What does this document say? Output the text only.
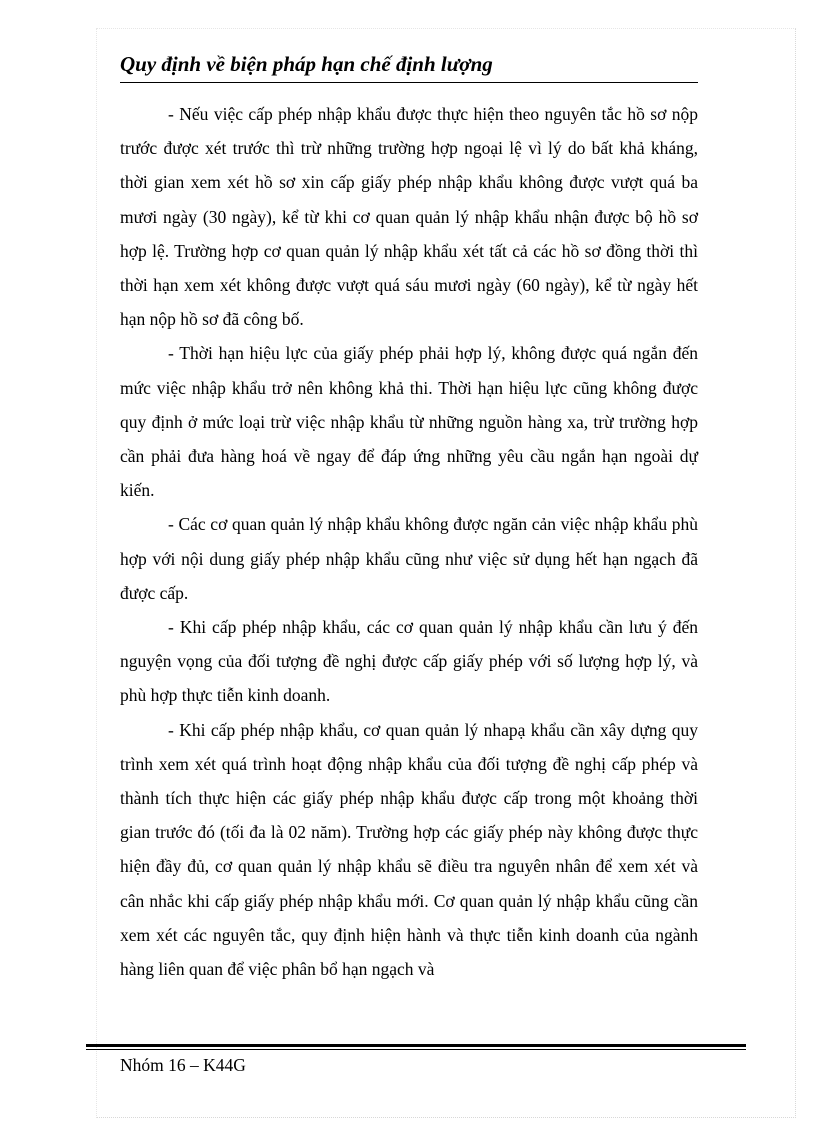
Quy định về biện pháp hạn chế định lượng

- Nếu việc cấp phép nhập khẩu được thực hiện theo nguyên tắc hồ sơ nộp trước được xét trước thì trừ những trường hợp ngoại lệ vì lý do bất khả kháng, thời gian xem xét hồ sơ xin cấp giấy phép nhập khẩu không được vượt quá ba mươi ngày (30 ngày), kể từ khi cơ quan quản lý nhập khẩu nhận được bộ hồ sơ hợp lệ. Trường hợp cơ quan quản lý nhập khẩu xét tất cả các hồ sơ đồng thời thì thời hạn xem xét không được vượt quá sáu mươi ngày (60 ngày), kể từ ngày hết hạn nộp hồ sơ đã công bố.

- Thời hạn hiệu lực của giấy phép phải hợp lý, không được quá ngắn đến mức việc nhập khẩu trở nên không khả thi. Thời hạn hiệu lực cũng không được quy định ở mức loại trừ việc nhập khẩu từ những nguồn hàng xa, trừ trường hợp cần phải đưa hàng hoá về ngay để đáp ứng những yêu cầu ngắn hạn ngoài dự kiến.

- Các cơ quan quản lý nhập khẩu không được ngăn cản việc nhập khẩu phù hợp với nội dung giấy phép nhập khẩu cũng như việc sử dụng hết hạn ngạch đã được cấp.

- Khi cấp phép nhập khẩu, các cơ quan quản lý nhập khẩu cần lưu ý đến nguyện vọng của đối tượng đề nghị được cấp giấy phép với số lượng hợp lý, và phù hợp thực tiễn kinh doanh.

- Khi cấp phép nhập khẩu, cơ quan quản lý nhapạ khẩu cần xây dựng quy trình xem xét quá trình hoạt động nhập khẩu của đối tượng đề nghị cấp phép và thành tích thực hiện các giấy phép nhập khẩu được cấp trong một khoảng thời gian trước đó (tối đa là 02 năm). Trường hợp các giấy phép này không được thực hiện đầy đủ, cơ quan quản lý nhập khẩu sẽ điều tra nguyên nhân để xem xét và cân nhắc khi cấp giấy phép nhập khẩu mới. Cơ quan quản lý nhập khẩu cũng cần xem xét các nguyên tắc, quy định hiện hành và thực tiễn kinh doanh của ngành hàng liên quan để việc phân bổ hạn ngạch và

Nhóm 16 – K44G
